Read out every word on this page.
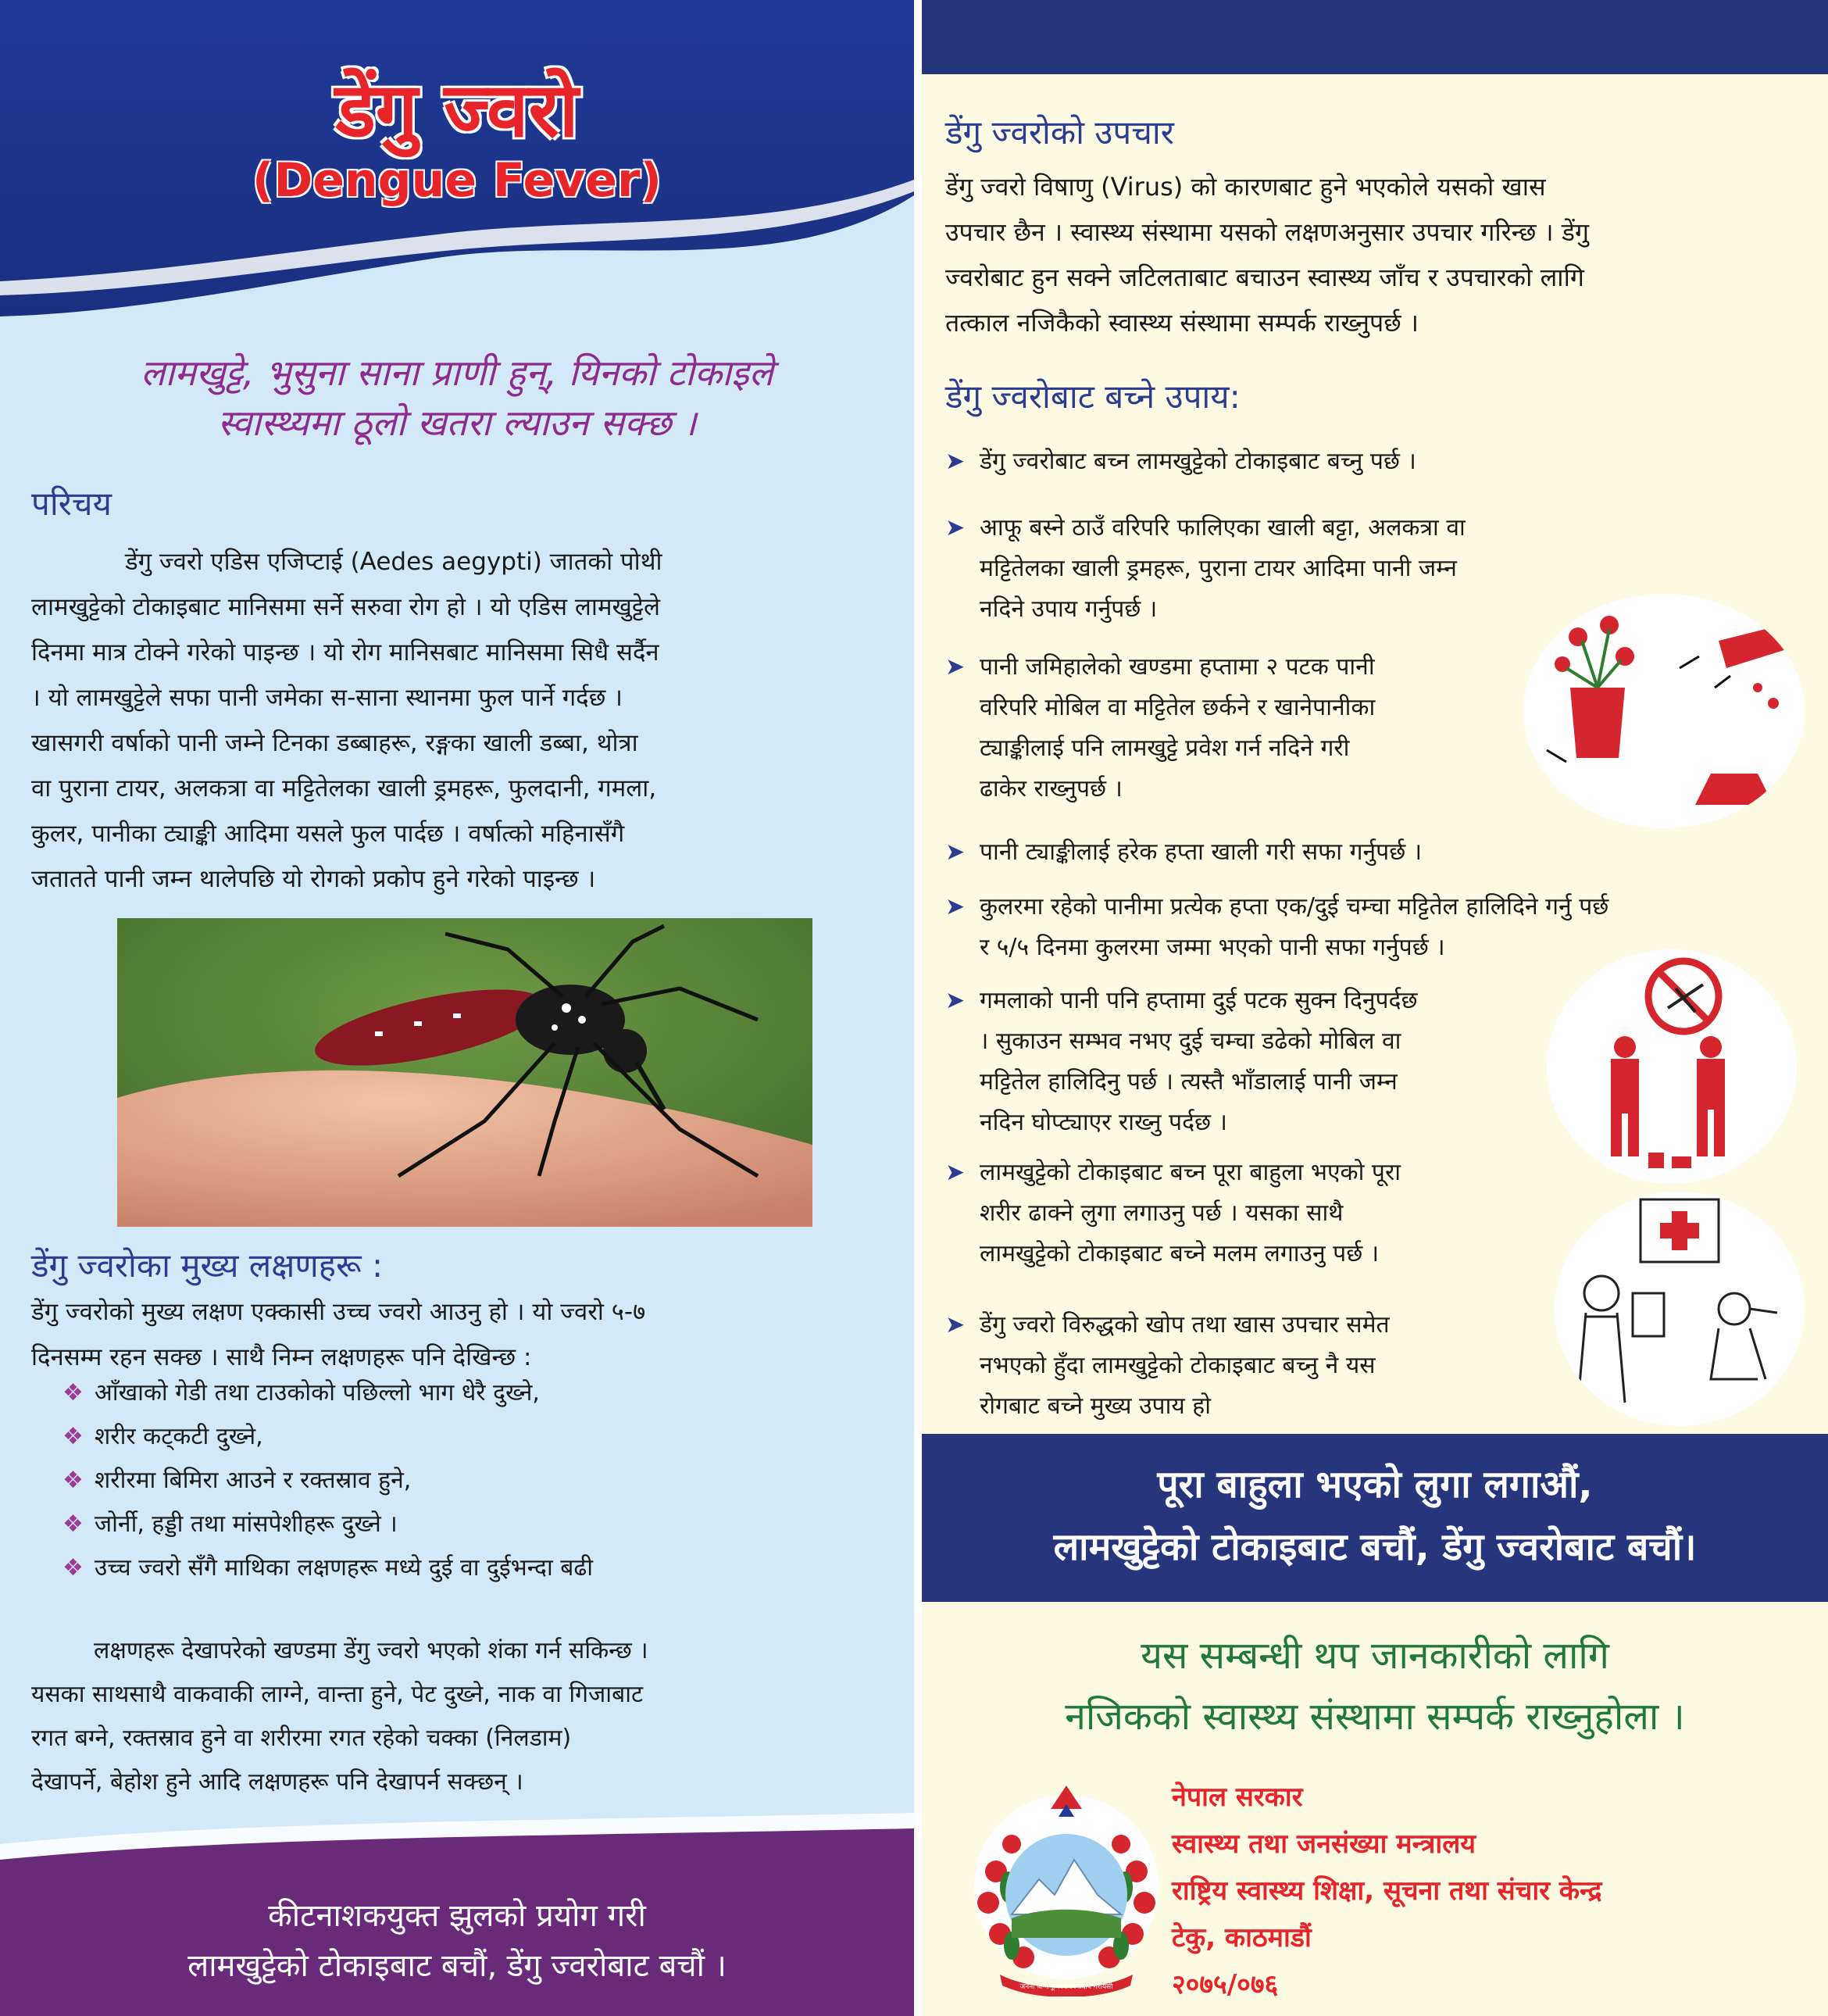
डेंगु ज्वरो
(Dengue Fever)
लामखुट्टे, भुसुना साना प्राणी हुन्, यिनको टोकाइले
स्वास्थ्यमा ठूलो खतरा ल्याउन सक्छ ।
परिचय
डेंगु ज्वरो एडिस एजिप्टाई (Aedes aegypti) जातको पोथी
लामखुट्टेको टोकाइबाट मानिसमा सर्ने सरुवा रोग हो । यो एडिस लामखुट्टेले
दिनमा मात्र टोक्ने गरेको पाइन्छ । यो रोग मानिसबाट मानिसमा सिधै सर्दैन
। यो लामखुट्टेले सफा पानी जमेका स-साना स्थानमा फुल पार्ने गर्दछ ।
खासगरी वर्षाको पानी जम्ने टिनका डब्बाहरू, रङ्गका खाली डब्बा, थोत्रा
वा पुराना टायर, अलकत्रा वा मट्टितेलका खाली ड्रमहरू, फुलदानी, गमला,
कुलर, पानीका ट्याङ्की आदिमा यसले फुल पार्दछ । वर्षात्को महिनासँगै
जतातते पानी जम्न थालेपछि यो रोगको प्रकोप हुने गरेको पाइन्छ ।
डेंगु ज्वरोका मुख्य लक्षणहरू :
डेंगु ज्वरोको मुख्य लक्षण एक्कासी उच्च ज्वरो आउनु हो । यो ज्वरो ५-७
दिनसम्म रहन सक्छ । साथै निम्न लक्षणहरू पनि देखिन्छ :
❖ आँखाको गेडी तथा टाउकोको पछिल्लो भाग धेरै दुख्ने,
❖ शरीर कट्कटी दुख्ने,
❖ शरीरमा बिमिरा आउने र रक्तस्राव हुने,
❖ जोर्नी, हड्डी तथा मांसपेशीहरू दुख्ने ।
❖ उच्च ज्वरो सँगै माथिका लक्षणहरू मध्ये दुई वा दुईभन्दा बढी
लक्षणहरू देखापरेको खण्डमा डेंगु ज्वरो भएको शंका गर्न सकिन्छ ।
यसका साथसाथै वाकवाकी लाग्ने, वान्ता हुने, पेट दुख्ने, नाक वा गिजाबाट
रगत बग्ने, रक्तस्राव हुने वा शरीरमा रगत रहेको चक्का (निलडाम)
देखापर्ने, बेहोश हुने आदि लक्षणहरू पनि देखापर्न सक्छन् ।
कीटनाशकयुक्त झुलको प्रयोग गरी
लामखुट्टेको टोकाइबाट बचौं, डेंगु ज्वरोबाट बचौं ।
डेंगु ज्वरोको उपचार
डेंगु ज्वरो विषाणु (Virus) को कारणबाट हुने भएकोले यसको खास
उपचार छैन । स्वास्थ्य संस्थामा यसको लक्षणअनुसार उपचार गरिन्छ । डेंगु
ज्वरोबाट हुन सक्ने जटिलताबाट बचाउन स्वास्थ्य जाँच र उपचारको लागि
तत्काल नजिकैको स्वास्थ्य संस्थामा सम्पर्क राख्नुपर्छ ।
डेंगु ज्वरोबाट बच्ने उपाय:
➤ डेंगु ज्वरोबाट बच्न लामखुट्टेको टोकाइबाट बच्नु पर्छ ।
➤ आफू बस्ने ठाउँ वरिपरि फालिएका खाली बट्टा, अलकत्रा वा
मट्टितेलका खाली ड्रमहरू, पुराना टायर आदिमा पानी जम्न
नदिने उपाय गर्नुपर्छ ।
➤ पानी जमिहालेको खण्डमा हप्तामा २ पटक पानी
वरिपरि मोबिल वा मट्टितेल छर्कने र खानेपानीका
ट्याङ्कीलाई पनि लामखुट्टे प्रवेश गर्न नदिने गरी
ढाकेर राख्नुपर्छ ।
➤ पानी ट्याङ्कीलाई हरेक हप्ता खाली गरी सफा गर्नुपर्छ ।
➤ कुलरमा रहेको पानीमा प्रत्येक हप्ता एक/दुई चम्चा मट्टितेल हालिदिने गर्नु पर्छ
र ५/५ दिनमा कुलरमा जम्मा भएको पानी सफा गर्नुपर्छ ।
➤ गमलाको पानी पनि हप्तामा दुई पटक सुक्न दिनुपर्दछ
। सुकाउन सम्भव नभए दुई चम्चा डढेको मोबिल वा
मट्टितेल हालिदिनु पर्छ । त्यस्तै भाँडालाई पानी जम्न
नदिन घोप्ट्याएर राख्नु पर्दछ ।
➤ लामखुट्टेको टोकाइबाट बच्न पूरा बाहुला भएको पूरा
शरीर ढाक्ने लुगा लगाउनु पर्छ । यसका साथै
लामखुट्टेको टोकाइबाट बच्ने मलम लगाउनु पर्छ ।
➤ डेंगु ज्वरो विरुद्धको खोप तथा खास उपचार समेत
नभएको हुँदा लामखुट्टेको टोकाइबाट बच्नु नै यस
रोगबाट बच्ने मुख्य उपाय हो
पूरा बाहुला भएको लुगा लगाऔं,
लामखुट्टेको टोकाइबाट बचौं, डेंगु ज्वरोबाट बचौं।
यस सम्बन्धी थप जानकारीको लागि
नजिकको स्वास्थ्य संस्थामा सम्पर्क राख्नुहोला ।
जननी जन्मभूमिश्च स्वर्गादपि गरीयसी
नेपाल सरकार
स्वास्थ्य तथा जनसंख्या मन्त्रालय
राष्ट्रिय स्वास्थ्य शिक्षा, सूचना तथा संचार केन्द्र
टेकु, काठमाडौं
२०७५/०७६
